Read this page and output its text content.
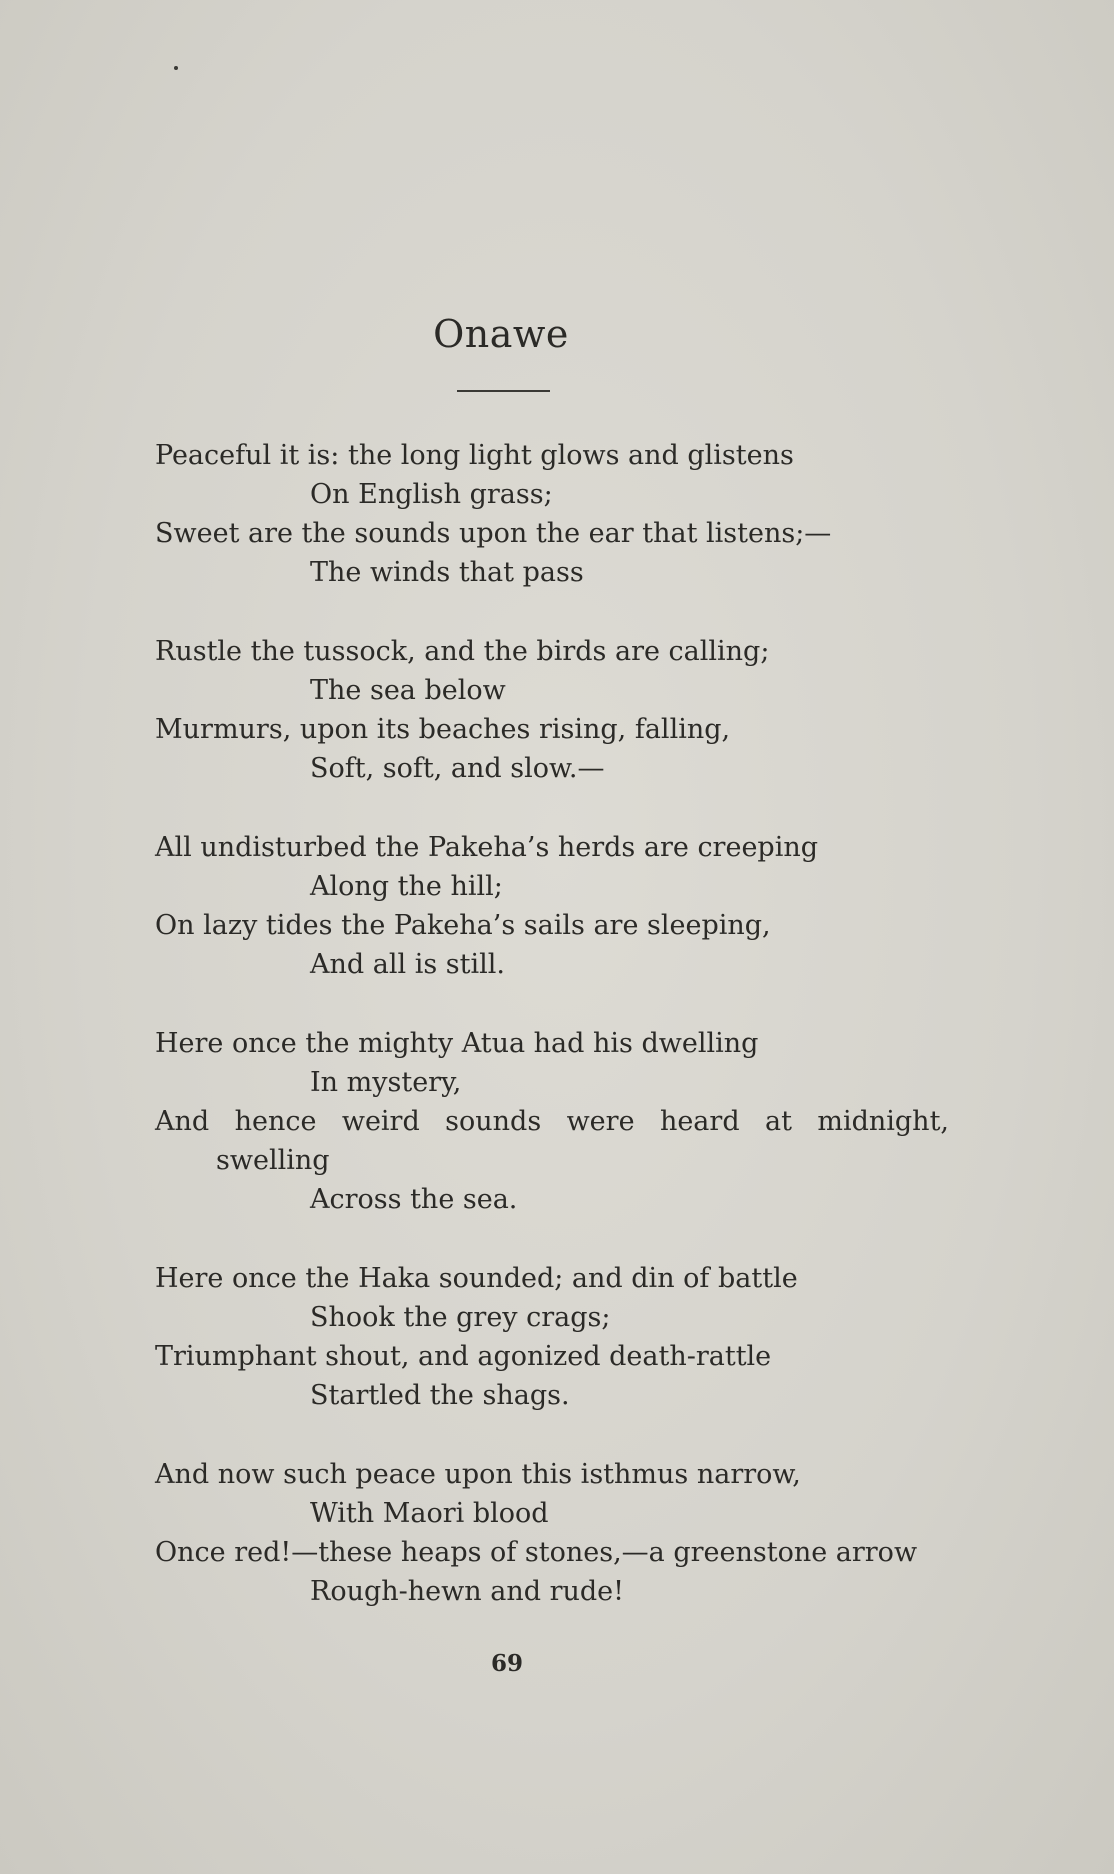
Onawe
Peaceful it is: the long light glows and glistens
On English grass;
Sweet are the sounds upon the ear that listens;—
The winds that pass
Rustle the tussock, and the birds are calling;
The sea below
Murmurs, upon its beaches rising, falling,
Soft, soft, and slow.—
All undisturbed the Pakeha’s herds are creeping
Along the hill;
On lazy tides the Pakeha’s sails are sleeping,
And all is still.
Here once the mighty Atua had his dwelling
In mystery,
And hence weird sounds were heard at midnight,
swelling
Across the sea.
Here once the Haka sounded; and din of battle
Shook the grey crags;
Triumphant shout, and agonized death-rattle
Startled the shags.
And now such peace upon this isthmus narrow,
With Maori blood
Once red!—these heaps of stones,—a greenstone arrow
Rough-hewn and rude!
69
